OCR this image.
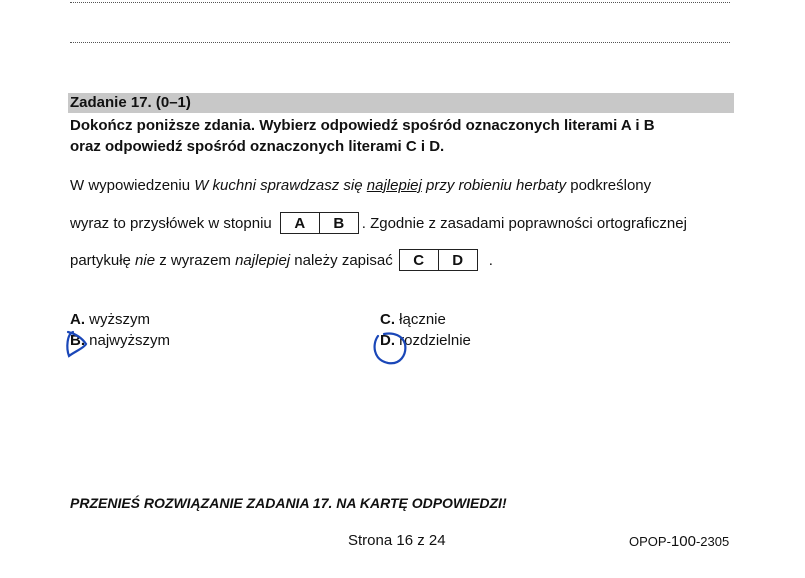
Zadanie 17. (0–1)
Dokończ poniższe zdania. Wybierz odpowiedź spośród oznaczonych literami A i B
oraz odpowiedź spośród oznaczonych literami C i D.
W wypowiedzeniu W kuchni sprawdzasz się najlepiej przy robieniu herbaty podkreślony
wyraz to przysłówek w stopniu	A	B	. Zgodnie z zasadami poprawności ortograficznej
partykułę nie z wyrazem najlepiej należy zapisać	C	D	.
A. wyższym
B. najwyższym
C. łącznie
D. rozdzielnie
PRZENIEŚ ROZWIĄZANIE ZADANIA 17. NA KARTĘ ODPOWIEDZI!
Strona 16 z 24	OPOP-100-2305
